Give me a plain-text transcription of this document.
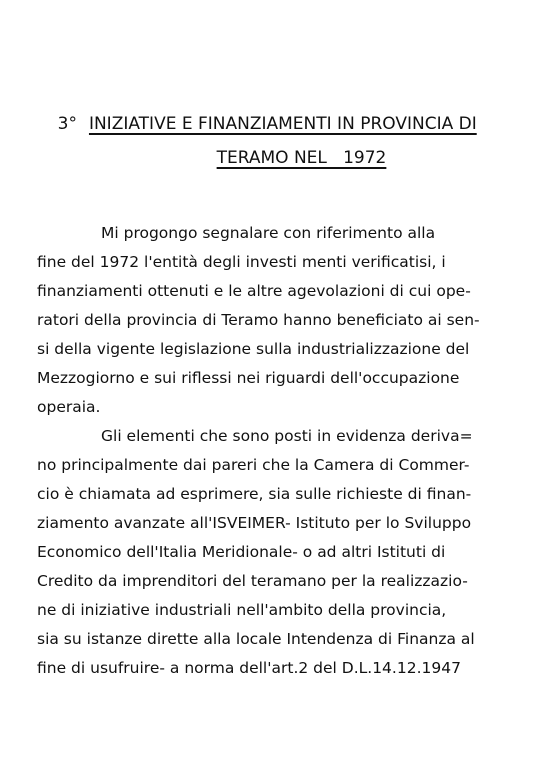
3° INIZIATIVE E FINANZIAMENTI IN PROVINCIA DI

TERAMO NEL   1972

Mi progongo segnalare con riferimento alla
fine del 1972 l'entità degli investi menti verificatisi, i
finanziamenti ottenuti e le altre agevolazioni di cui ope-
ratori della provincia di Teramo hanno beneficiato ai sen-
si della vigente legislazione sulla industrializzazione del
Mezzogiorno e sui riflessi nei riguardi dell'occupazione
operaia.
Gli elementi che sono posti in evidenza deriva=
no principalmente dai pareri che la Camera di Commer-
cio è chiamata ad esprimere, sia sulle richieste di finan-
ziamento avanzate all'ISVEIMER- Istituto per lo Sviluppo
Economico dell'Italia Meridionale- o ad altri Istituti di
Credito da imprenditori del teramano per la realizzazio-
ne di iniziative industriali nell'ambito della provincia,
sia su istanze dirette alla locale Intendenza di Finanza al
fine di usufruire- a norma dell'art.2 del D.L.14.12.1947
